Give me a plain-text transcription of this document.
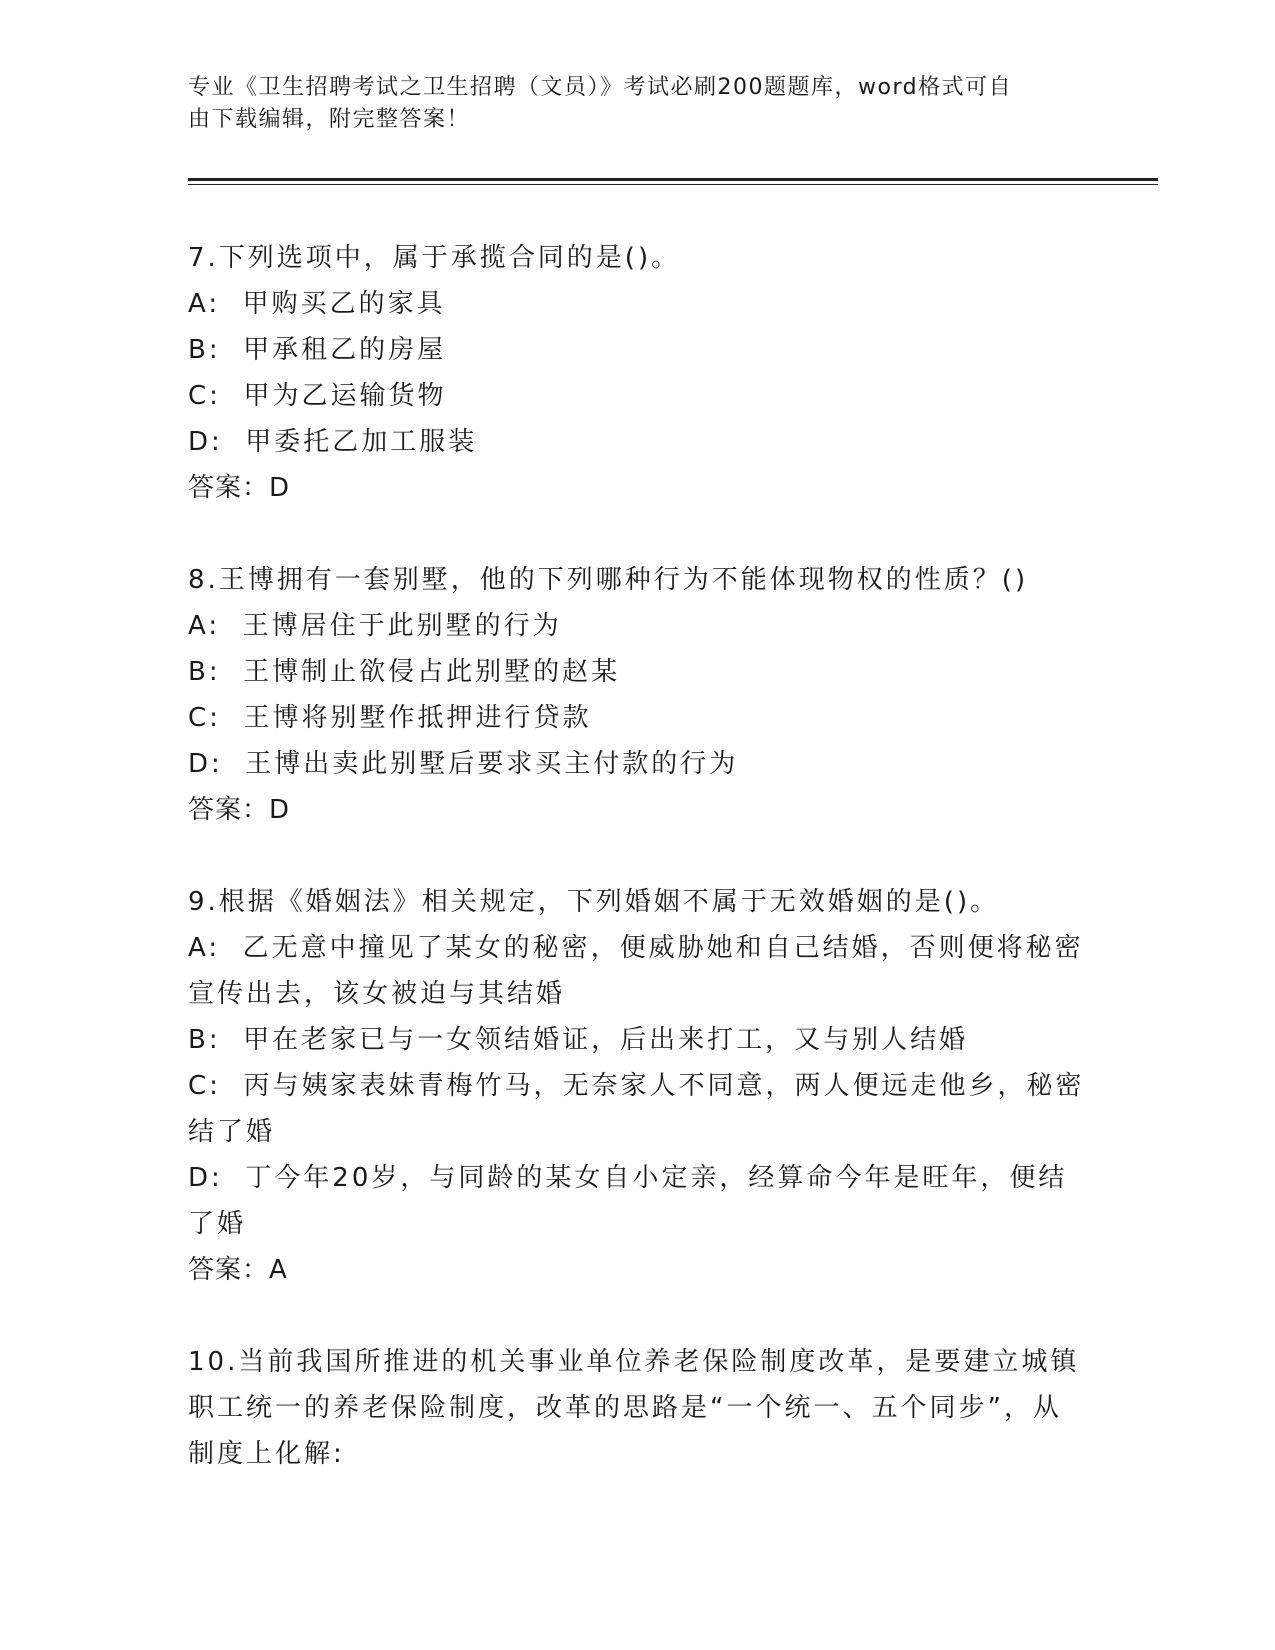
专业《卫生招聘考试之卫生招聘（文员）》考试必刷200题题库，word格式可自
由下载编辑，附完整答案！
7.下列选项中，属于承揽合同的是()。
A:  甲购买乙的家具
B:  甲承租乙的房屋
C:  甲为乙运输货物
D:  甲委托乙加工服装
答案：D
8.王博拥有一套别墅，他的下列哪种行为不能体现物权的性质？()
A:  王博居住于此别墅的行为
B:  王博制止欲侵占此别墅的赵某
C:  王博将别墅作抵押进行贷款
D:  王博出卖此别墅后要求买主付款的行为
答案：D
9.根据《婚姻法》相关规定，下列婚姻不属于无效婚姻的是()。
A:  乙无意中撞见了某女的秘密，便威胁她和自己结婚，否则便将秘密宣传出去，该女被迫与其结婚
B:  甲在老家已与一女领结婚证，后出来打工，又与别人结婚
C:  丙与姨家表妹青梅竹马，无奈家人不同意，两人便远走他乡，秘密结了婚
D:  丁今年20岁，与同龄的某女自小定亲，经算命今年是旺年，便结了婚
答案：A
10.当前我国所推进的机关事业单位养老保险制度改革，是要建立城镇职工统一的养老保险制度，改革的思路是“一个统一、五个同步”，从制度上化解:
